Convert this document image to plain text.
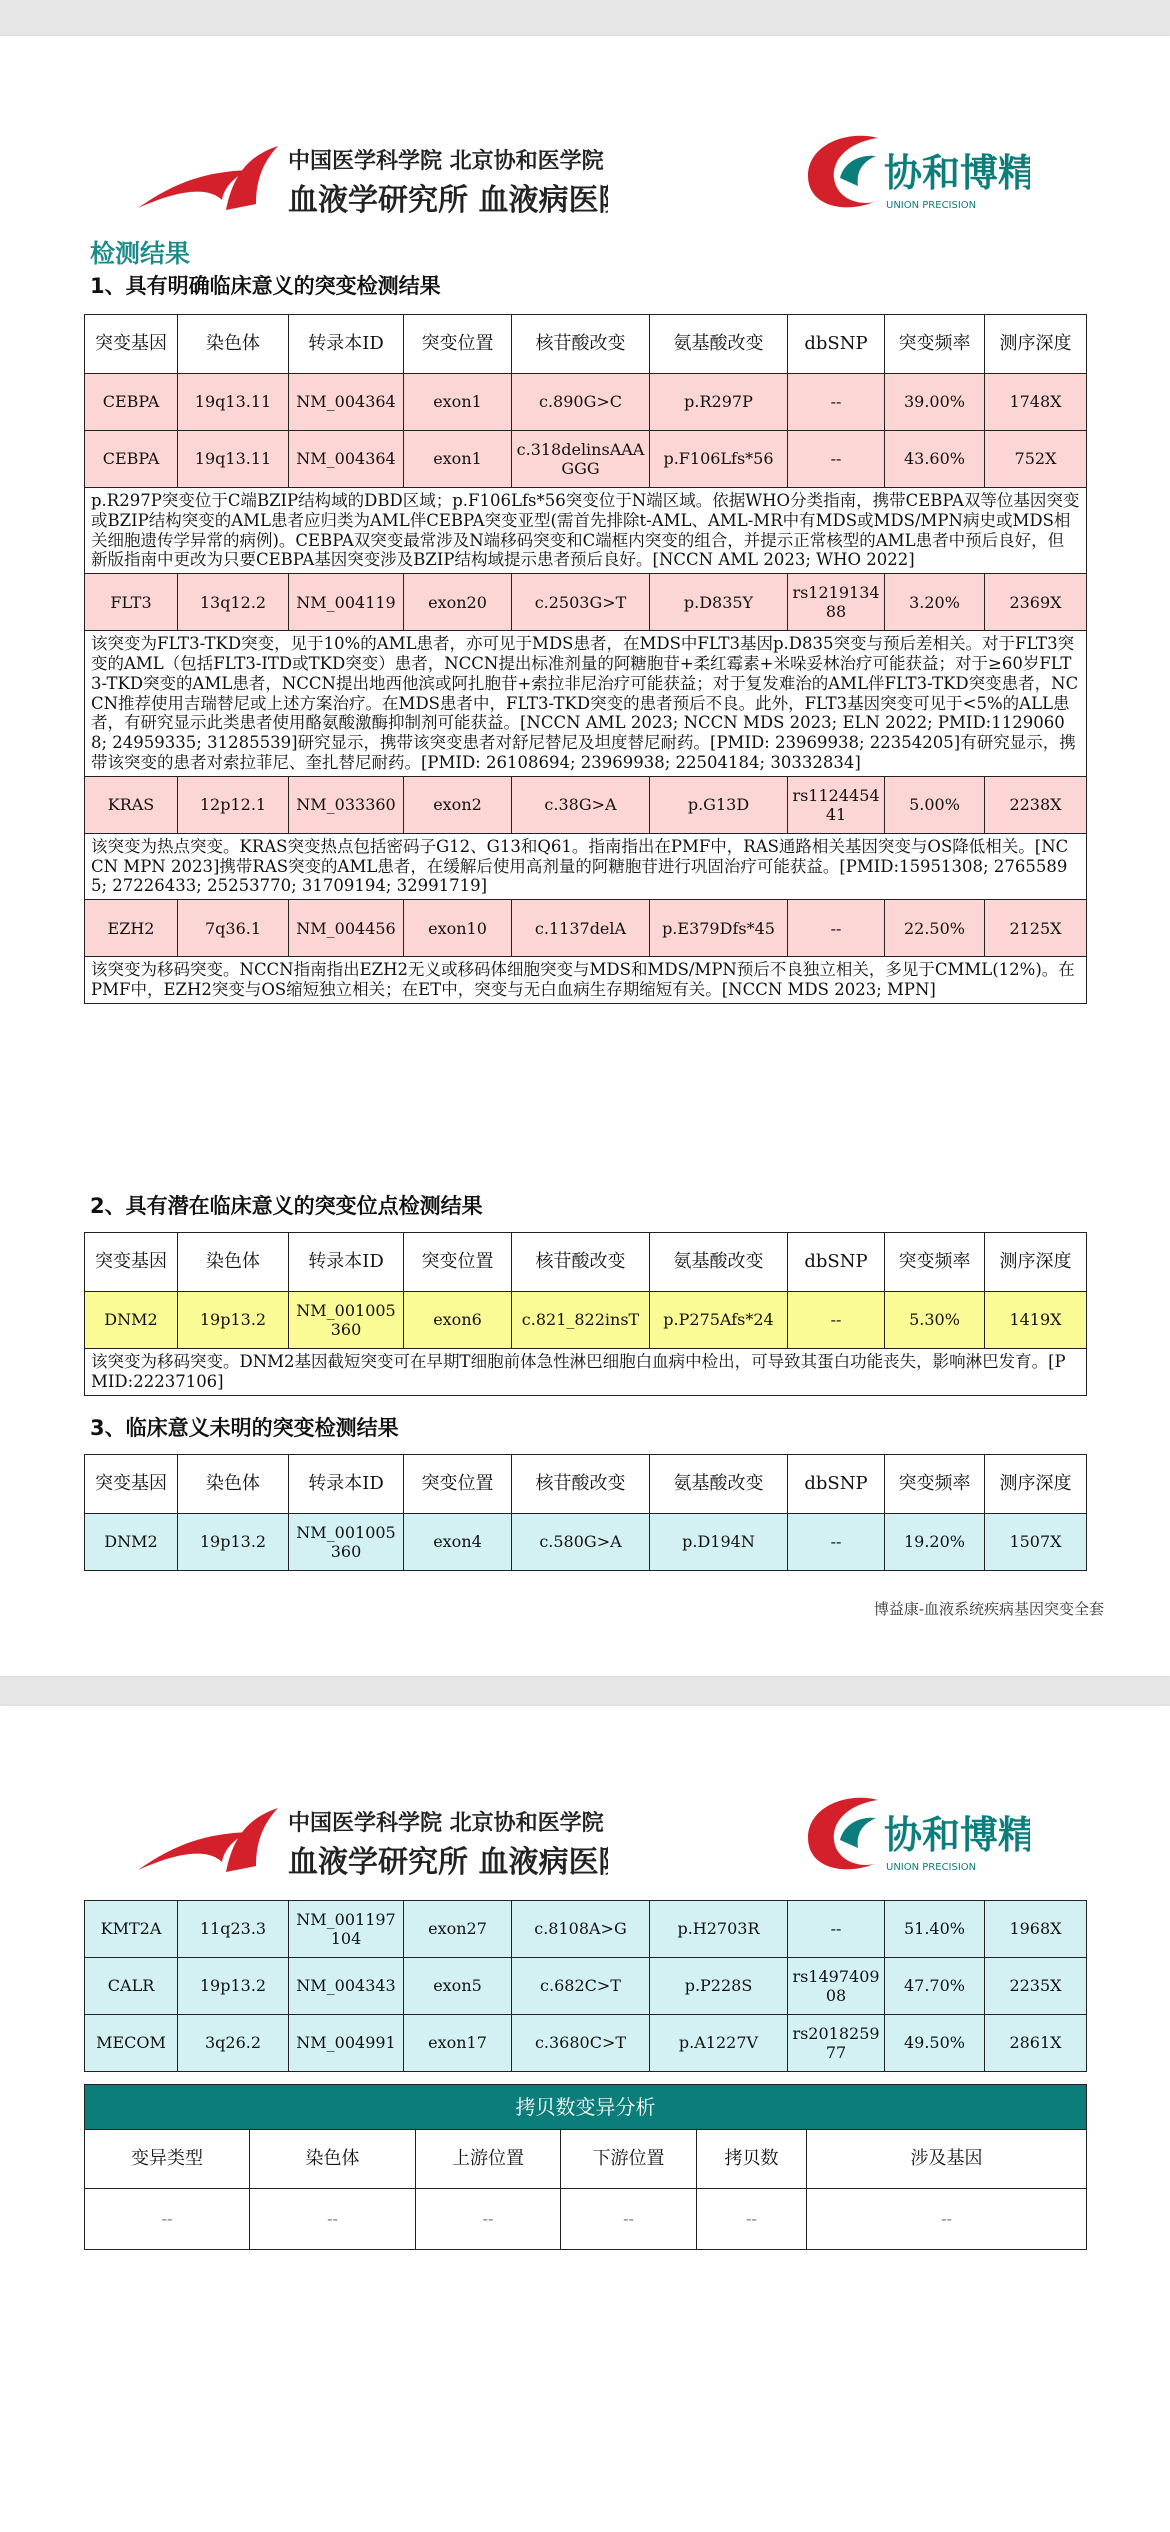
中国医学科学院 北京协和医学院
血液学研究所 血液病医院
协和博精
UNION PRECISION
检测结果
1、具有明确临床意义的突变检测结果
突变基因	染色体	转录本ID	突变位置	核苷酸改变	氨基酸改变	dbSNP	突变频率	测序深度
CEBPA	19q13.11	NM_004364	exon1	c.890G>C	p.R297P	--	39.00%	1748X
CEBPA	19q13.11	NM_004364	exon1	c.318delinsAAAGGG	p.F106Lfs*56	--	43.60%	752X
p.R297P突变位于C端BZIP结构域的DBD区域；p.F106Lfs*56突变位于N端区域。依据WHO分类指南，携带CEBPA双等位基因突变或BZIP结构突变的AML患者应归类为AML伴CEBPA突变亚型(需首先排除t-AML、AML-MR中有MDS或MDS/MPN病史或MDS相关细胞遗传学异常的病例)。CEBPA双突变最常涉及N端移码突变和C端框内突变的组合，并提示正常核型的AML患者中预后良好，但新版指南中更改为只要CEBPA基因突变涉及BZIP结构域提示患者预后良好。[NCCN AML 2023; WHO 2022]								
FLT3	13q12.2	NM_004119	exon20	c.2503G>T	p.D835Y	rs121913488	3.20%	2369X
该突变为FLT3-TKD突变，见于10%的AML患者，亦可见于MDS患者，在MDS中FLT3基因p.D835突变与预后差相关。对于FLT3突变的AML（包括FLT3-ITD或TKD突变）患者，NCCN提出标准剂量的阿糖胞苷+柔红霉素+米哚妥林治疗可能获益；对于≥60岁FLT3-TKD突变的AML患者，NCCN提出地西他滨或阿扎胞苷+索拉非尼治疗可能获益；对于复发难治的AML伴FLT3-TKD突变患者，NCCN推荐使用吉瑞替尼或上述方案治疗。在MDS患者中，FLT3-TKD突变的患者预后不良。此外，FLT3基因突变可见于<5%的ALL患者，有研究显示此类患者使用酪氨酸激酶抑制剂可能获益。[NCCN AML 2023; NCCN MDS 2023; ELN 2022; PMID:11290608; 24959335; 31285539]研究显示，携带该突变患者对舒尼替尼及坦度替尼耐药。[PMID: 23969938; 22354205]有研究显示，携带该突变的患者对索拉菲尼、奎扎替尼耐药。[PMID: 26108694; 23969938; 22504184; 30332834]								
KRAS	12p12.1	NM_033360	exon2	c.38G>A	p.G13D	rs112445441	5.00%	2238X
该突变为热点突变。KRAS突变热点包括密码子G12、G13和Q61。指南指出在PMF中，RAS通路相关基因突变与OS降低相关。[NCCN MPN 2023]携带RAS突变的AML患者，在缓解后使用高剂量的阿糖胞苷进行巩固治疗可能获益。[PMID:15951308; 27655895; 27226433; 25253770; 31709194; 32991719]								
EZH2	7q36.1	NM_004456	exon10	c.1137delA	p.E379Dfs*45	--	22.50%	2125X
该突变为移码突变。NCCN指南指出EZH2无义或移码体细胞突变与MDS和MDS/MPN预后不良独立相关，多见于CMML(12%)。在PMF中，EZH2突变与OS缩短独立相关；在ET中，突变与无白血病生存期缩短有关。[NCCN MDS 2023; MPN]								
2、具有潜在临床意义的突变位点检测结果
突变基因	染色体	转录本ID	突变位置	核苷酸改变	氨基酸改变	dbSNP	突变频率	测序深度
DNM2	19p13.2	NM_001005360	exon6	c.821_822insT	p.P275Afs*24	--	5.30%	1419X
该突变为移码突变。DNM2基因截短突变可在早期T细胞前体急性淋巴细胞白血病中检出，可导致其蛋白功能丧失，影响淋巴发育。[PMID:22237106]								
3、临床意义未明的突变检测结果
突变基因	染色体	转录本ID	突变位置	核苷酸改变	氨基酸改变	dbSNP	突变频率	测序深度
DNM2	19p13.2	NM_001005360	exon4	c.580G>A	p.D194N	--	19.20%	1507X
博益康-血液系统疾病基因突变全套
中国医学科学院 北京协和医学院
血液学研究所 血液病医院
协和博精
UNION PRECISION
KMT2A	11q23.3	NM_001197104	exon27	c.8108A>G	p.H2703R	--	51.40%	1968X
CALR	19p13.2	NM_004343	exon5	c.682C>T	p.P228S	rs149740908	47.70%	2235X
MECOM	3q26.2	NM_004991	exon17	c.3680C>T	p.A1227V	rs201825977	49.50%	2861X
拷贝数变异分析					
变异类型	染色体	上游位置	下游位置	拷贝数	涉及基因
--	--	--	--	--	--
